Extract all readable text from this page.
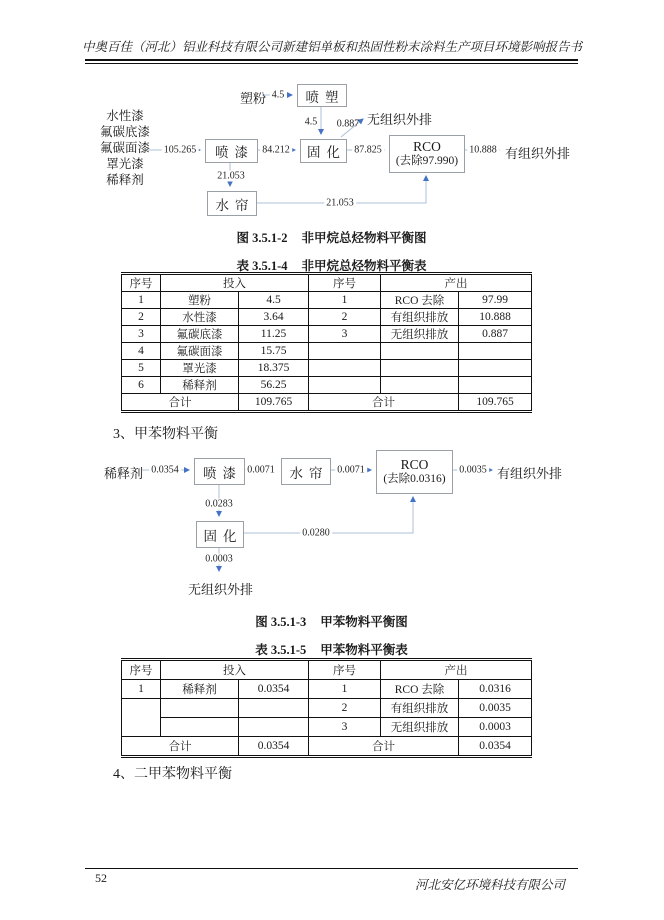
中奥百佳（河北）铝业科技有限公司新建铝单板和热固性粉末涂料生产项目环境影响报告书
塑粉	喷塑
水性漆
氟碳底漆
氟碳面漆
罩光漆
稀释剂
喷漆	固化	RCO
(去除97.990)
水帘
4.5
4.5
105.265	84.212	87.825
0.887
10.888
21.053
21.053
无组织外排
有组织外排
图 3.5.1-2 非甲烷总烃物料平衡图
表 3.5.1-4 非甲烷总烃物料平衡表
序号	投入		序号	产出	
1	塑粉	4.5	1	RCO 去除	97.99
2	水性漆	3.64	2	有组织排放	10.888
3	氟碳底漆	11.25	3	无组织排放	0.887
4	氟碳面漆	15.75			
5	罩光漆	18.375			
6	稀释剂	56.25			
合计		109.765	合计		109.765
3、甲苯物料平衡
稀释剂	喷漆	水帘
RCO
(去除0.0316)
固化
0.0354	0.0071	0.0071	0.0035
0.0283
0.0280
0.0003
有组织外排
无组织外排
图 3.5.1-3 甲苯物料平衡图
表 3.5.1-5 甲苯物料平衡表
序号	投入		序号	产出	
1	稀释剂	0.0354	1	RCO 去除	0.0316
			2	有组织排放	0.0035
			3	无组织排放	0.0003
合计		0.0354	合计		0.0354
4、二甲苯物料平衡
52	河北安亿环境科技有限公司
